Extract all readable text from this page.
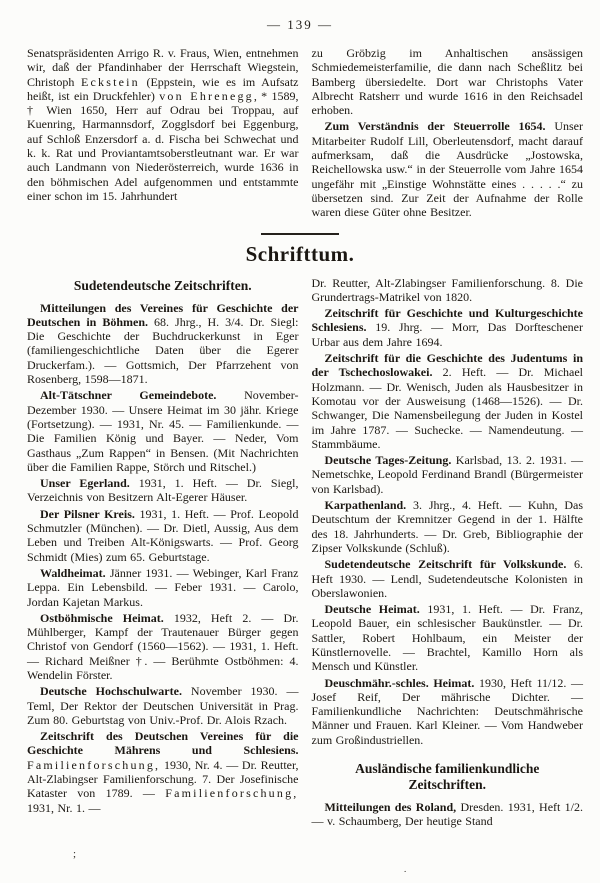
— 139 —

Senatspräsidenten Arrigo R. v. Fraus, Wien, entnehmen wir, daß der Pfandinhaber der Herrschaft Wiegstein, Christoph Eckstein (Eppstein, wie es im Aufsatz heißt, ist ein Druckfehler) von Ehrenegg, * 1589, † Wien 1650, Herr auf Odrau bei Troppau, auf Kuenring, Harmannsdorf, Zogglsdorf bei Eggenburg, auf Schloß Enzersdorf a. d. Fischa bei Schwechat und k. k. Rat und Proviantamtsoberstleutnant war. Er war auch Landmann von Niederösterreich, wurde 1636 in den böhmischen Adel aufgenommen und entstammte einer schon im 15. Jahrhundert

zu Gröbzig im Anhaltischen ansässigen Schmiedemeisterfamilie, die dann nach Scheßlitz bei Bamberg übersiedelte. Dort war Christophs Vater Albrecht Ratsherr und wurde 1616 in den Reichsadel erhoben.

Zum Verständnis der Steuerrolle 1654. Unser Mitarbeiter Rudolf Lill, Oberleutensdorf, macht darauf aufmerksam, daß die Ausdrücke „Jostowska, Reichellowska usw.“ in der Steuerrolle vom Jahre 1654 ungefähr mit „Einstige Wohnstätte eines . . . . .“ zu übersetzen sind. Zur Zeit der Aufnahme der Rolle waren diese Güter ohne Besitzer.

Schrifttum.
Sudetendeutsche Zeitschriften.

Mitteilungen des Vereines für Geschichte der Deutschen in Böhmen. 68. Jhrg., H. 3/4. Dr. Siegl: Die Geschichte der Buchdruckerkunst in Eger (familiengeschichtliche Daten über die Egerer Druckerfam.). — Gottsmich, Der Pfarrzehent von Rosenberg, 1598—1871.

Alt-Tätschner Gemeindebote. November-Dezember 1930. — Unsere Heimat im 30 jähr. Kriege (Fortsetzung). — 1931, Nr. 45. — Familienkunde. — Die Familien König und Bayer. — Neder, Vom Gasthaus „Zum Rappen“ in Bensen. (Mit Nachrichten über die Familien Rappe, Störch und Ritschel.)

Unser Egerland. 1931, 1. Heft. — Dr. Siegl, Verzeichnis von Besitzern Alt-Egerer Häuser.

Der Pilsner Kreis. 1931, 1. Heft. — Prof. Leopold Schmutzler (München). — Dr. Dietl, Aussig, Aus dem Leben und Treiben Alt-Königswarts. — Prof. Georg Schmidt (Mies) zum 65. Geburtstage.

Waldheimat. Jänner 1931. — Webinger, Karl Franz Leppa. Ein Lebensbild. — Feber 1931. — Carolo, Jordan Kajetan Markus.

Ostböhmische Heimat. 1932, Heft 2. — Dr. Mühlberger, Kampf der Trautenauer Bürger gegen Christof von Gendorf (1560—1562). — 1931, 1. Heft. — Richard Meißner †. — Berühmte Ostböhmen: 4. Wendelin Förster.

Deutsche Hochschulwarte. November 1930. — Teml, Der Rektor der Deutschen Universität in Prag. Zum 80. Geburtstag von Univ.-Prof. Dr. Alois Rzach.

Zeitschrift des Deutschen Vereines für die Geschichte Mährens und Schlesiens. Familienforschung, 1930, Nr. 4. — Dr. Reutter, Alt-Zlabingser Familienforschung. 7. Der Josefinische Kataster von 1789. — Familienforschung, 1931, Nr. 1. —

Dr. Reutter, Alt-Zlabingser Familienforschung. 8. Die Grundertrags-Matrikel von 1820.

Zeitschrift für Geschichte und Kulturgeschichte Schlesiens. 19. Jhrg. — Morr, Das Dorfteschener Urbar aus dem Jahre 1694.

Zeitschrift für die Geschichte des Judentums in der Tschechoslowakei. 2. Heft. — Dr. Michael Holzmann. — Dr. Wenisch, Juden als Hausbesitzer in Komotau vor der Ausweisung (1468—1526). — Dr. Schwanger, Die Namensbeilegung der Juden in Kostel im Jahre 1787. — Suchecke. — Namendeutung. — Stammbäume.

Deutsche Tages-Zeitung. Karlsbad, 13. 2. 1931. — Nemetschke, Leopold Ferdinand Brandl (Bürgermeister von Karlsbad).

Karpathenland. 3. Jhrg., 4. Heft. — Kuhn, Das Deutschtum der Kremnitzer Gegend in der 1. Hälfte des 18. Jahrhunderts. — Dr. Greb, Bibliographie der Zipser Volkskunde (Schluß).

Sudetendeutsche Zeitschrift für Volkskunde. 6. Heft 1930. — Lendl, Sudetendeutsche Kolonisten in Oberslawonien.

Deutsche Heimat. 1931, 1. Heft. — Dr. Franz, Leopold Bauer, ein schlesischer Baukünstler. — Dr. Sattler, Robert Hohlbaum, ein Meister der Künstlernovelle. — Brachtel, Kamillo Horn als Mensch und Künstler.

Deuschmähr.-schles. Heimat. 1930, Heft 11/12. — Josef Reif, Der mährische Dichter. — Familienkundliche Nachrichten: Deutschmährische Männer und Frauen. Karl Kleiner. — Vom Handweber zum Großindustriellen.

Ausländische familienkundliche Zeitschriften.

Mitteilungen des Roland, Dresden. 1931, Heft 1/2. — v. Schaumberg, Der heutige Stand

;
.
